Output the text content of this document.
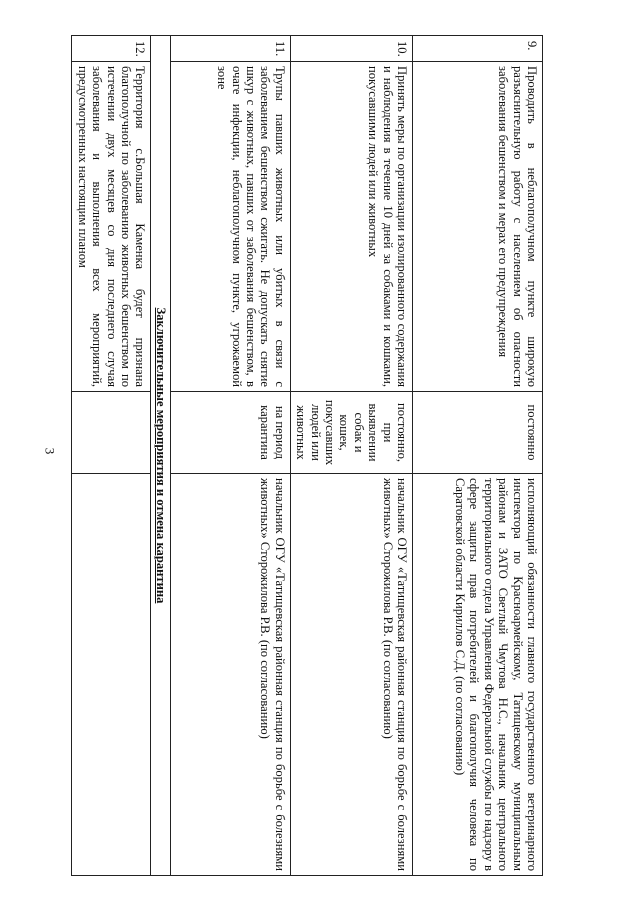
3
9.	Проводить в неблагополучном пункте широкую разъяснительную работу с населением об опасности заболевания бешенством и мерах его предупреждения	постоянно	исполняющий обязанности главного государственного ветеринарного инспектора по Красноармейскому, Татищевскому муниципальным районам и ЗАТО Светлый Чмутова Н.С., начальник центрального территориального отдела Управления Федеральной службы по надзору в сфере защиты прав потребителей и благополучия человека по Саратовской области Кириллов С.Д. (по согласованию)
10.	Принять меры по организации изолированного содержания и наблюдения в течение 10 дней за собаками и кошками, покусавшими людей или животных	постоянно, при выявлении собак и кошек, покусавших людей или животных	начальник ОГУ «Татищевская районная станция по борьбе с болезнями животных» Сторожилова Р.В. (по согласованию)
11.	Трупы павших животных или убитых в связи с заболеванием бешенством сжигать. Не допускать снятие шкур с животных, павших от заболевания бешенством, в очаге инфекции, неблагополучном пункте, угрожаемой зоне	на период карантина	начальник ОГУ «Татищевская районная станция по борьбе с болезнями животных» Сторожилова Р.В. (по согласованию)
Заключительные мероприятия и отмена карантина			
12.	Территория с.Большая Каменка будет признана благополучной по заболеванию животных бешенством по истечении двух месяцев со дня последнего случая заболевания и выполнения всех мероприятий, предусмотренных настоящим планом		
